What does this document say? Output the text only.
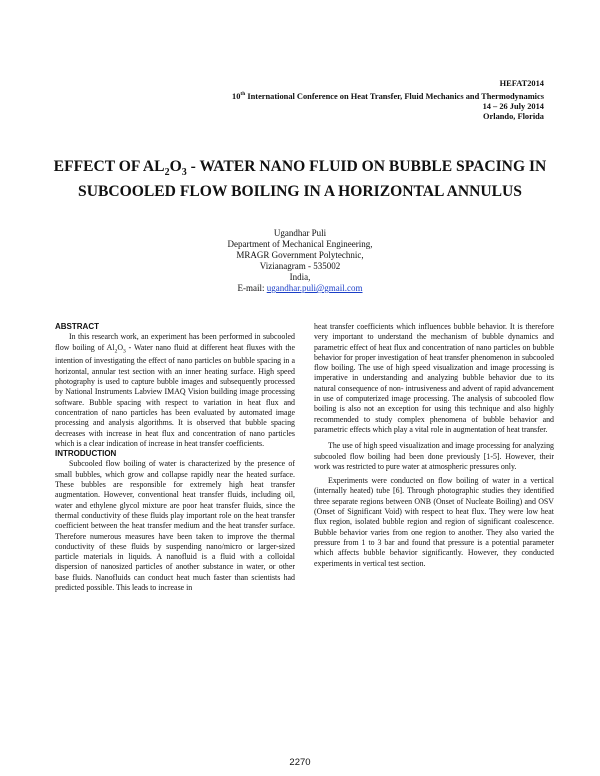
HEFAT2014
10th International Conference on Heat Transfer, Fluid Mechanics and Thermodynamics
14 – 26 July 2014
Orlando, Florida
EFFECT OF $AL_2O_3$ - WATER NANO FLUID ON BUBBLE SPACING IN SUBCOOLED FLOW BOILING IN A HORIZONTAL ANNULUS
Ugandhar Puli
Department of Mechanical Engineering,
MRAGR Government Polytechnic,
Vizianagram - 535002
India,
E-mail: ugandhar.puli@gmail.com
ABSTRACT

In this research work, an experiment has been performed in subcooled flow boiling of $Al_2O_3$ - Water nano fluid at different heat fluxes with the intention of investigating the effect of nano particles on bubble spacing in a horizontal, annular test section with an inner heating surface. High speed photography is used to capture bubble images and subsequently processed by National Instruments Labview IMAQ Vision building image processing software. Bubble spacing with respect to variation in heat flux and concentration of nano particles has been evaluated by automated image processing and analysis algorithms. It is observed that bubble spacing decreases with increase in heat flux and concentration of nano particles which is a clear indication of increase in heat transfer coefficients.

INTRODUCTION

Subcooled flow boiling of water is characterized by the presence of small bubbles, which grow and collapse rapidly near the heated surface. These bubbles are responsible for extremely high heat transfer augmentation. However, conventional heat transfer fluids, including oil, water and ethylene glycol mixture are poor heat transfer fluids, since the thermal conductivity of these fluids play important role on the heat transfer coefficient between the heat transfer medium and the heat transfer surface. Therefore numerous measures have been taken to improve the thermal conductivity of these fluids by suspending nano/micro or larger-sized particle materials in liquids. A nanofluid is a fluid with a colloidal dispersion of nanosized particles of another substance in water, or other base fluids. Nanofluids can conduct heat much faster than scientists had predicted possible. This leads to increase in

heat transfer coefficients which influences bubble behavior. It is therefore very important to understand the mechanism of bubble dynamics and parametric effect of heat flux and concentration of nano particles on bubble behavior for proper investigation of heat transfer phenomenon in subcooled flow boiling. The use of high speed visualization and image processing is imperative in understanding and analyzing bubble behavior due to its natural consequence of non- intrusiveness and advent of rapid advancement in use of computerized image processing. The analysis of subcooled flow boiling is also not an exception for using this technique and also highly recommended to study complex phenomena of bubble behavior and parametric effects which play a vital role in augmentation of heat transfer.

The use of high speed visualization and image processing for analyzing subcooled flow boiling had been done previously [1-5]. However, their work was restricted to pure water at atmospheric pressures only.

Experiments were conducted on flow boiling of water in a vertical (internally heated) tube [6]. Through photographic studies they identified three separate regions between ONB (Onset of Nucleate Boiling) and OSV (Onset of Significant Void) with respect to heat flux. They were low heat flux region, isolated bubble region and region of significant coalescence. Bubble behavior varies from one region to another. They also varied the pressure from 1 to 3 bar and found that pressure is a potential parameter which affects bubble behavior significantly. However, they conducted experiments in vertical test section.

2270
